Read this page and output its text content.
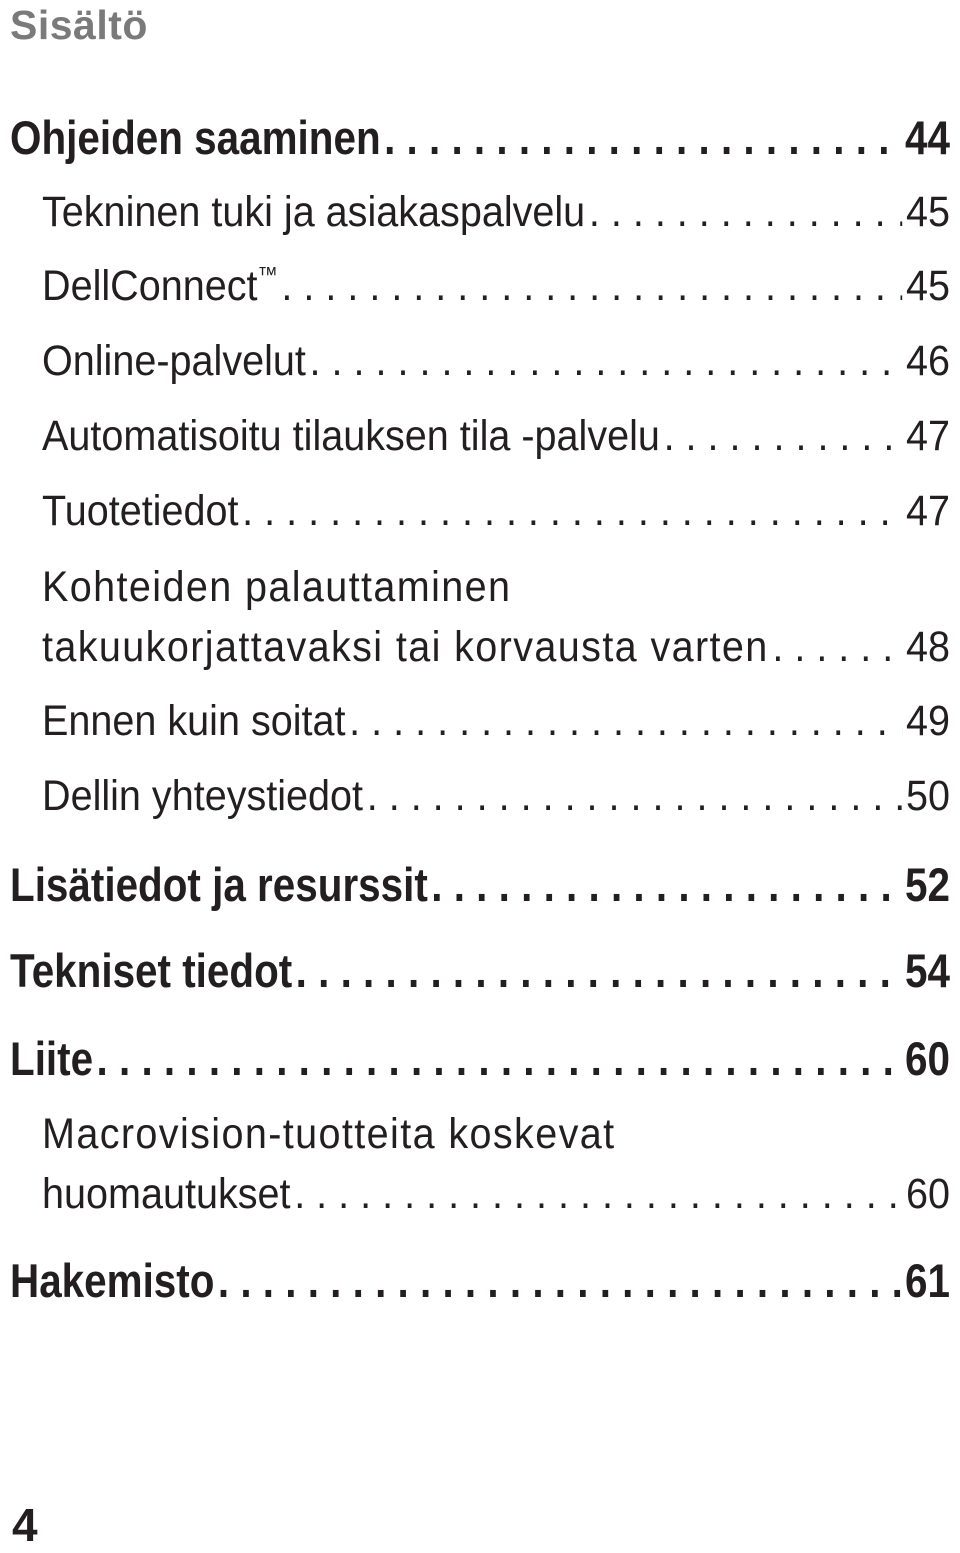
Sisältö
Ohjeiden saaminen . . .	44
Tekninen tuki ja asiakaspalvelu . . .	45
DellConnect™ . . .	45
Online-palvelut . . .	46
Automatisoitu tilauksen tila -palvelu . . .	47
Tuotetiedot . . .	47
Kohteiden palauttaminen
takuukorjattavaksi tai korvausta varten . . .	48
Ennen kuin soitat . . .	49
Dellin yhteystiedot . . .	50
Lisätiedot ja resurssit . . .	52
Tekniset tiedot . . .	54
Liite . . .	60
Macrovision-tuotteita koskevat
huomautukset . . .	60
Hakemisto . . .	61
4
